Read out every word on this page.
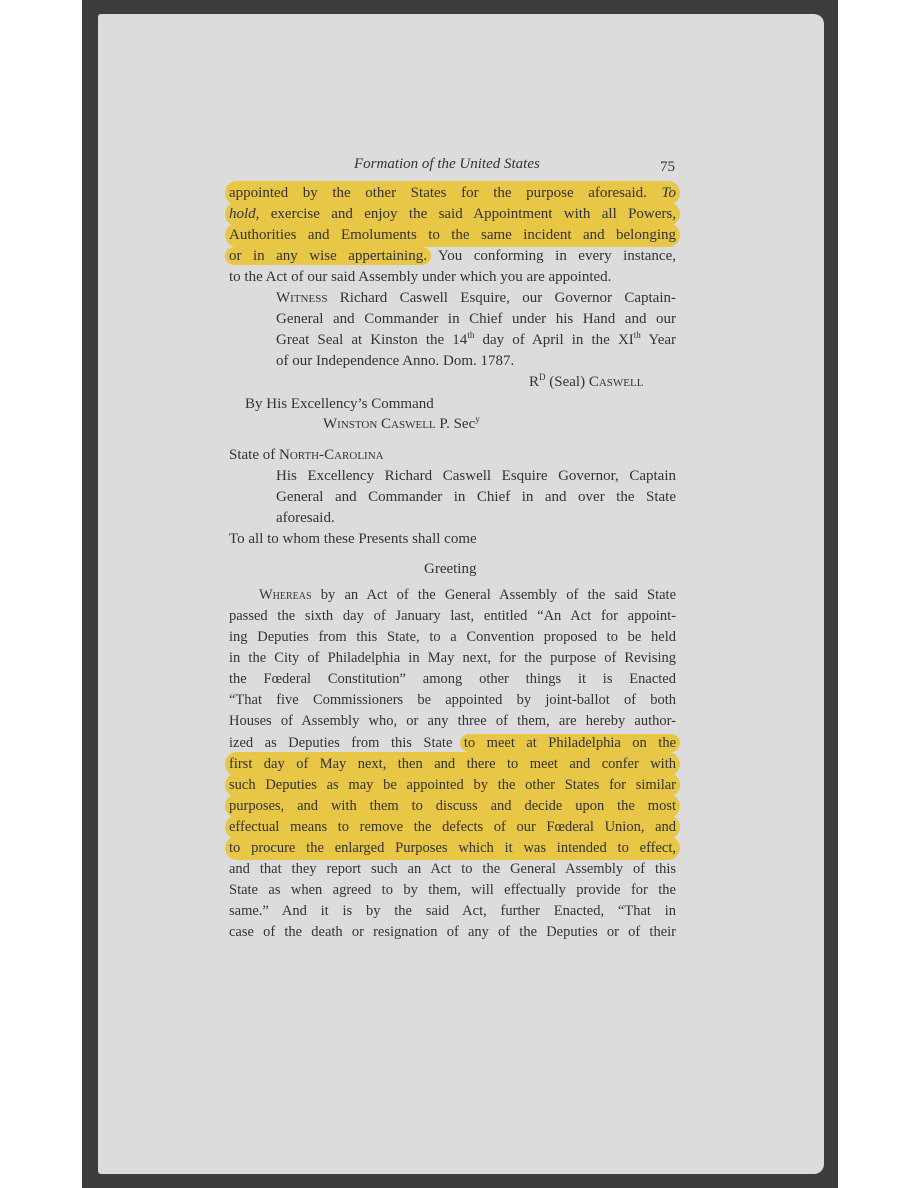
Formation of the United States	75
appointed by the other States for the purpose aforesaid. To
hold, exercise and enjoy the said Appointment with all Powers,
Authorities and Emoluments to the same incident and belonging
or in any wise appertaining. You conforming in every instance,
to the Act of our said Assembly under which you are appointed.
Witness Richard Caswell Esquire, our Governor Captain-
General and Commander in Chief under his Hand and our
Great Seal at Kinston the 14th day of April in the XIth Year
of our Independence Anno. Dom. 1787.
$R^D$ (Seal) Caswell
By His Excellency’s Command
Winston Caswell P. Sec$^y$
State of North-Carolina
His Excellency Richard Caswell Esquire Governor, Captain
General and Commander in Chief in and over the State
aforesaid.
To all to whom these Presents shall come
Greeting
Whereas by an Act of the General Assembly of the said State
passed the sixth day of January last, entitled “An Act for appoint-
ing Deputies from this State, to a Convention proposed to be held
in the City of Philadelphia in May next, for the purpose of Revising
the Fœderal Constitution” among other things it is Enacted
“That five Commissioners be appointed by joint-ballot of both
Houses of Assembly who, or any three of them, are hereby author-
ized as Deputies from this State to meet at Philadelphia on the
first day of May next, then and there to meet and confer with
such Deputies as may be appointed by the other States for similar
purposes, and with them to discuss and decide upon the most
effectual means to remove the defects of our Fœderal Union, and
to procure the enlarged Purposes which it was intended to effect,
and that they report such an Act to the General Assembly of this
State as when agreed to by them, will effectually provide for the
same.” And it is by the said Act, further Enacted, “That in
case of the death or resignation of any of the Deputies or of their
